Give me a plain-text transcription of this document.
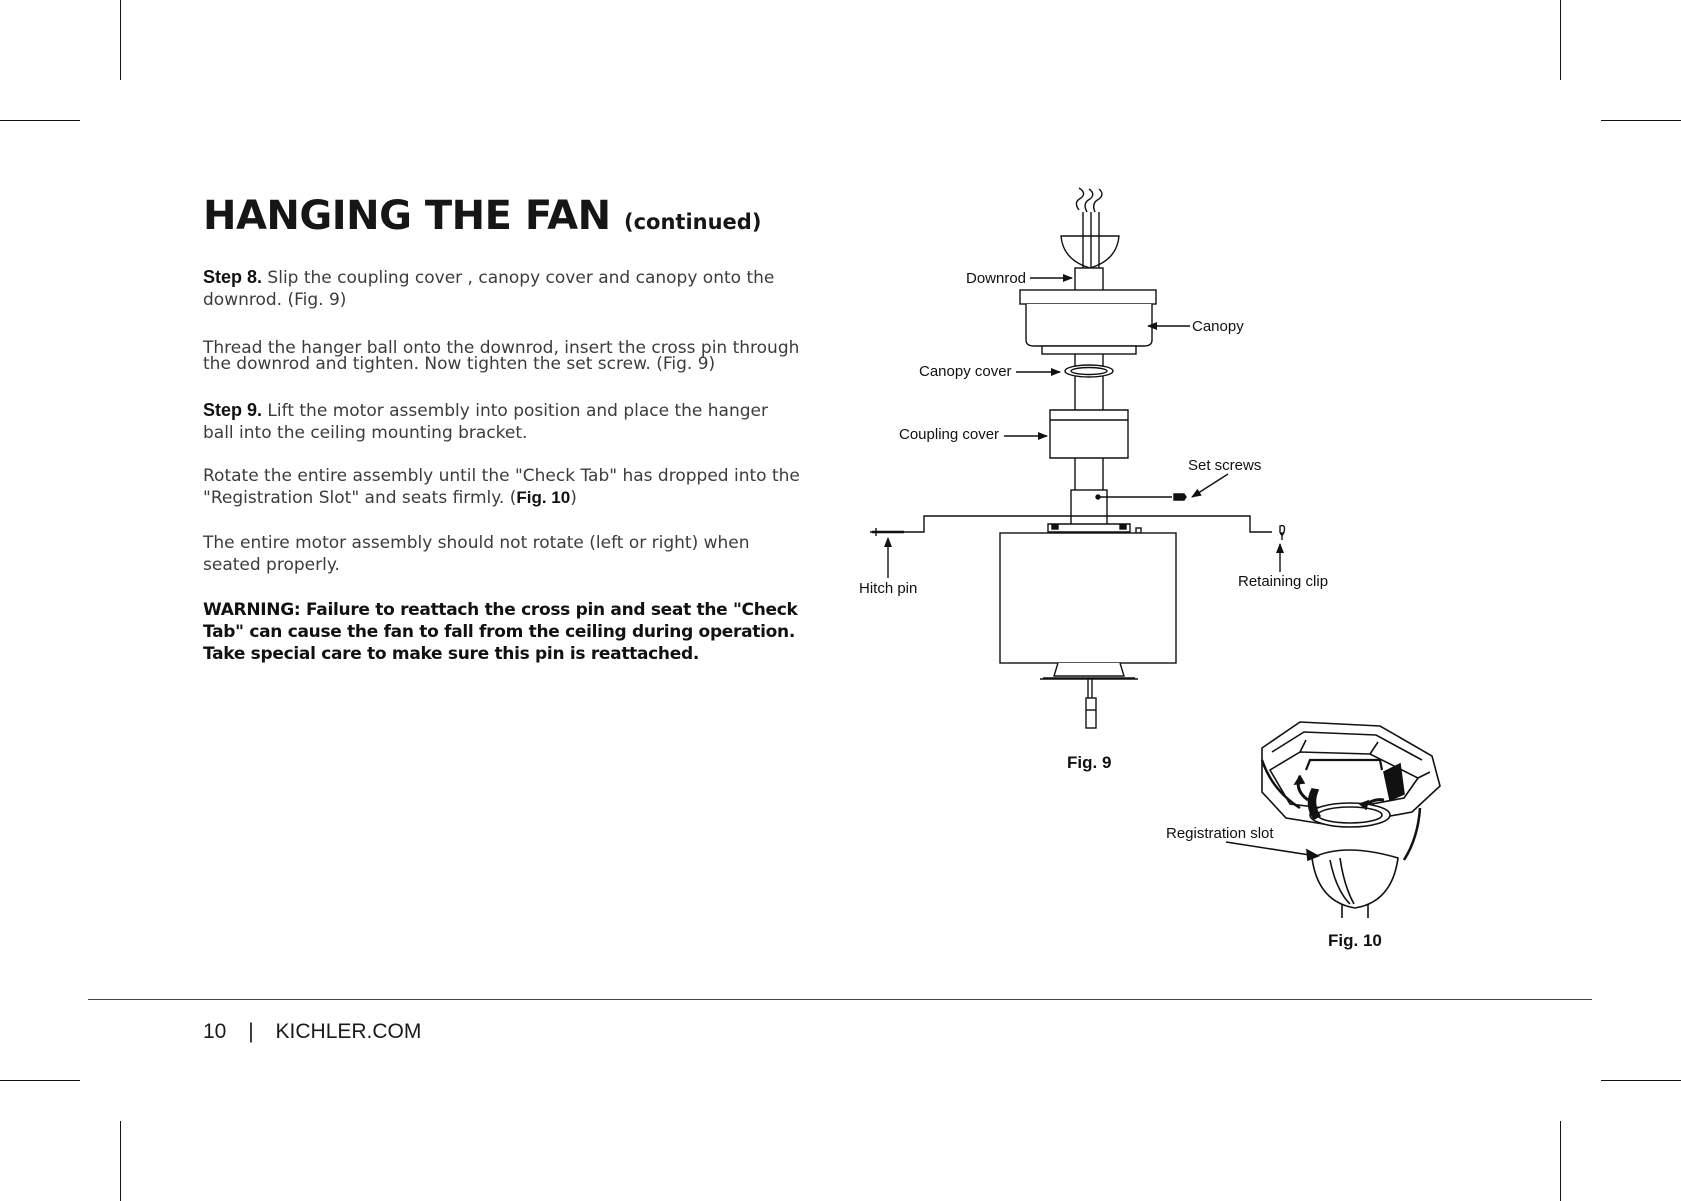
HANGING THE FAN (continued)
Step 8. Slip the coupling cover , canopy cover and canopy onto the downrod. (Fig. 9)
Thread the hanger ball onto the downrod, insert the cross pin through the downrod and tighten. Now tighten the set screw. (Fig. 9)
Step 9. Lift the motor assembly into position and place the hanger ball into the ceiling mounting bracket.
Rotate the entire assembly until the "Check Tab" has dropped into the "Registration Slot" and seats firmly. (Fig. 10)
The entire motor assembly should not rotate (left or right) when seated properly.
WARNING: Failure to reattach the cross pin and seat the "Check Tab" can cause the fan to fall from the ceiling during operation. Take special care to make sure this pin is reattached.
Downrod
Canopy
Canopy cover
Coupling cover
Set screws
Hitch pin	Retaining clip
Fig. 9
Registration slot
Fig. 10
10 | KICHLER.COM
